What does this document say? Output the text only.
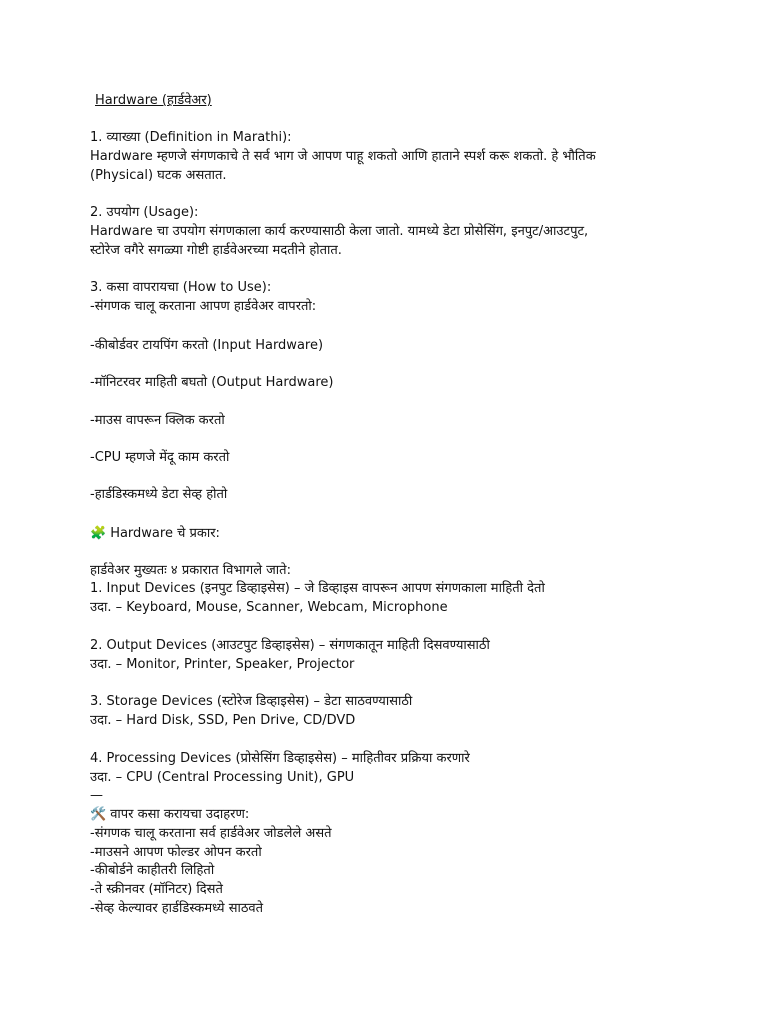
Hardware (हार्डवेअर)
1. व्याख्या (Definition in Marathi):
Hardware म्हणजे संगणकाचे ते सर्व भाग जे आपण पाहू शकतो आणि हाताने स्पर्श करू शकतो. हे भौतिक
(Physical) घटक असतात.
2. उपयोग (Usage):
Hardware चा उपयोग संगणकाला कार्य करण्यासाठी केला जातो. यामध्ये डेटा प्रोसेसिंग, इनपुट/आउटपुट,
स्टोरेज वगैरे सगळ्या गोष्टी हार्डवेअरच्या मदतीने होतात.
3. कसा वापरायचा (How to Use):
-संगणक चालू करताना आपण हार्डवेअर वापरतो:
-कीबोर्डवर टायपिंग करतो (Input Hardware)
-मॉनिटरवर माहिती बघतो (Output Hardware)
-माउस वापरून क्लिक करतो
-CPU म्हणजे मेंदू काम करतो
-हार्डडिस्कमध्ये डेटा सेव्ह होतो
🧩 Hardware चे प्रकार:
हार्डवेअर मुख्यतः ४ प्रकारात विभागले जाते:
1. Input Devices (इनपुट डिव्हाइसेस) – जे डिव्हाइस वापरून आपण संगणकाला माहिती देतो
उदा. – Keyboard, Mouse, Scanner, Webcam, Microphone
2. Output Devices (आउटपुट डिव्हाइसेस) – संगणकातून माहिती दिसवण्यासाठी
उदा. – Monitor, Printer, Speaker, Projector
3. Storage Devices (स्टोरेज डिव्हाइसेस) – डेटा साठवण्यासाठी
उदा. – Hard Disk, SSD, Pen Drive, CD/DVD
4. Processing Devices (प्रोसेसिंग डिव्हाइसेस) – माहितीवर प्रक्रिया करणारे
उदा. – CPU (Central Processing Unit), GPU
—
🛠️ वापर कसा करायचा उदाहरण:
-संगणक चालू करताना सर्व हार्डवेअर जोडलेले असते
-माउसने आपण फोल्डर ओपन करतो
-कीबोर्डने काहीतरी लिहितो
-ते स्क्रीनवर (मॉनिटर) दिसते
-सेव्ह केल्यावर हार्डडिस्कमध्ये साठवते
